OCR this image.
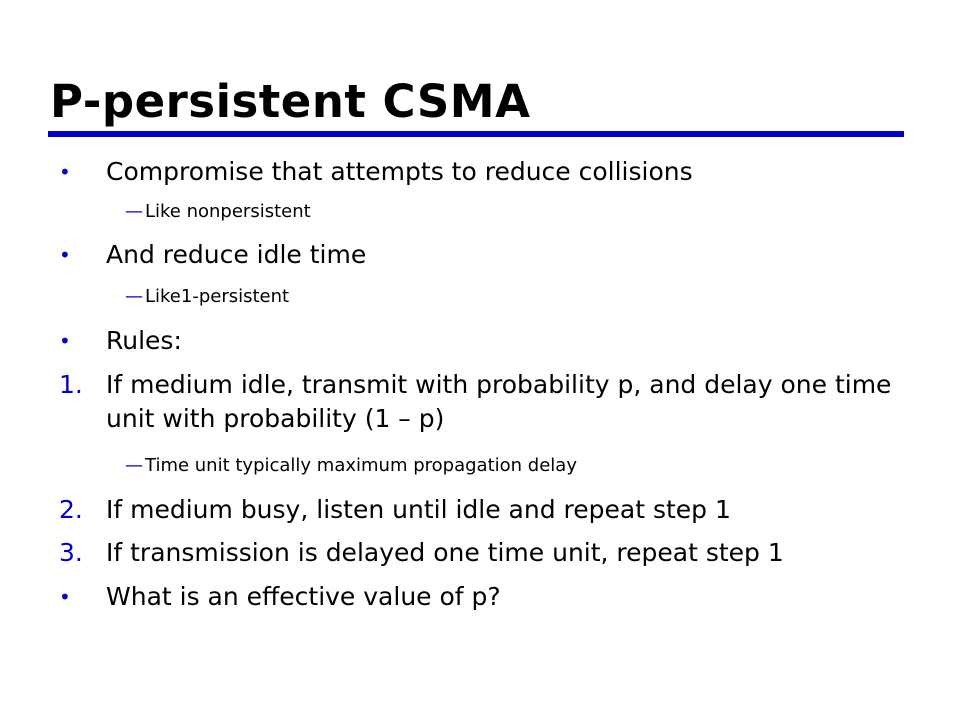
P-persistent CSMA
•	Compromise that attempts to reduce collisions
— Like nonpersistent
•	And reduce idle time
— Like1-persistent
•	Rules:
1. If medium idle, transmit with probability p, and delay one time unit with probability (1 – p)
— Time unit typically maximum propagation delay
2. If medium busy, listen until idle and repeat step 1
3. If transmission is delayed one time unit, repeat step 1
•	What is an effective value of p?
